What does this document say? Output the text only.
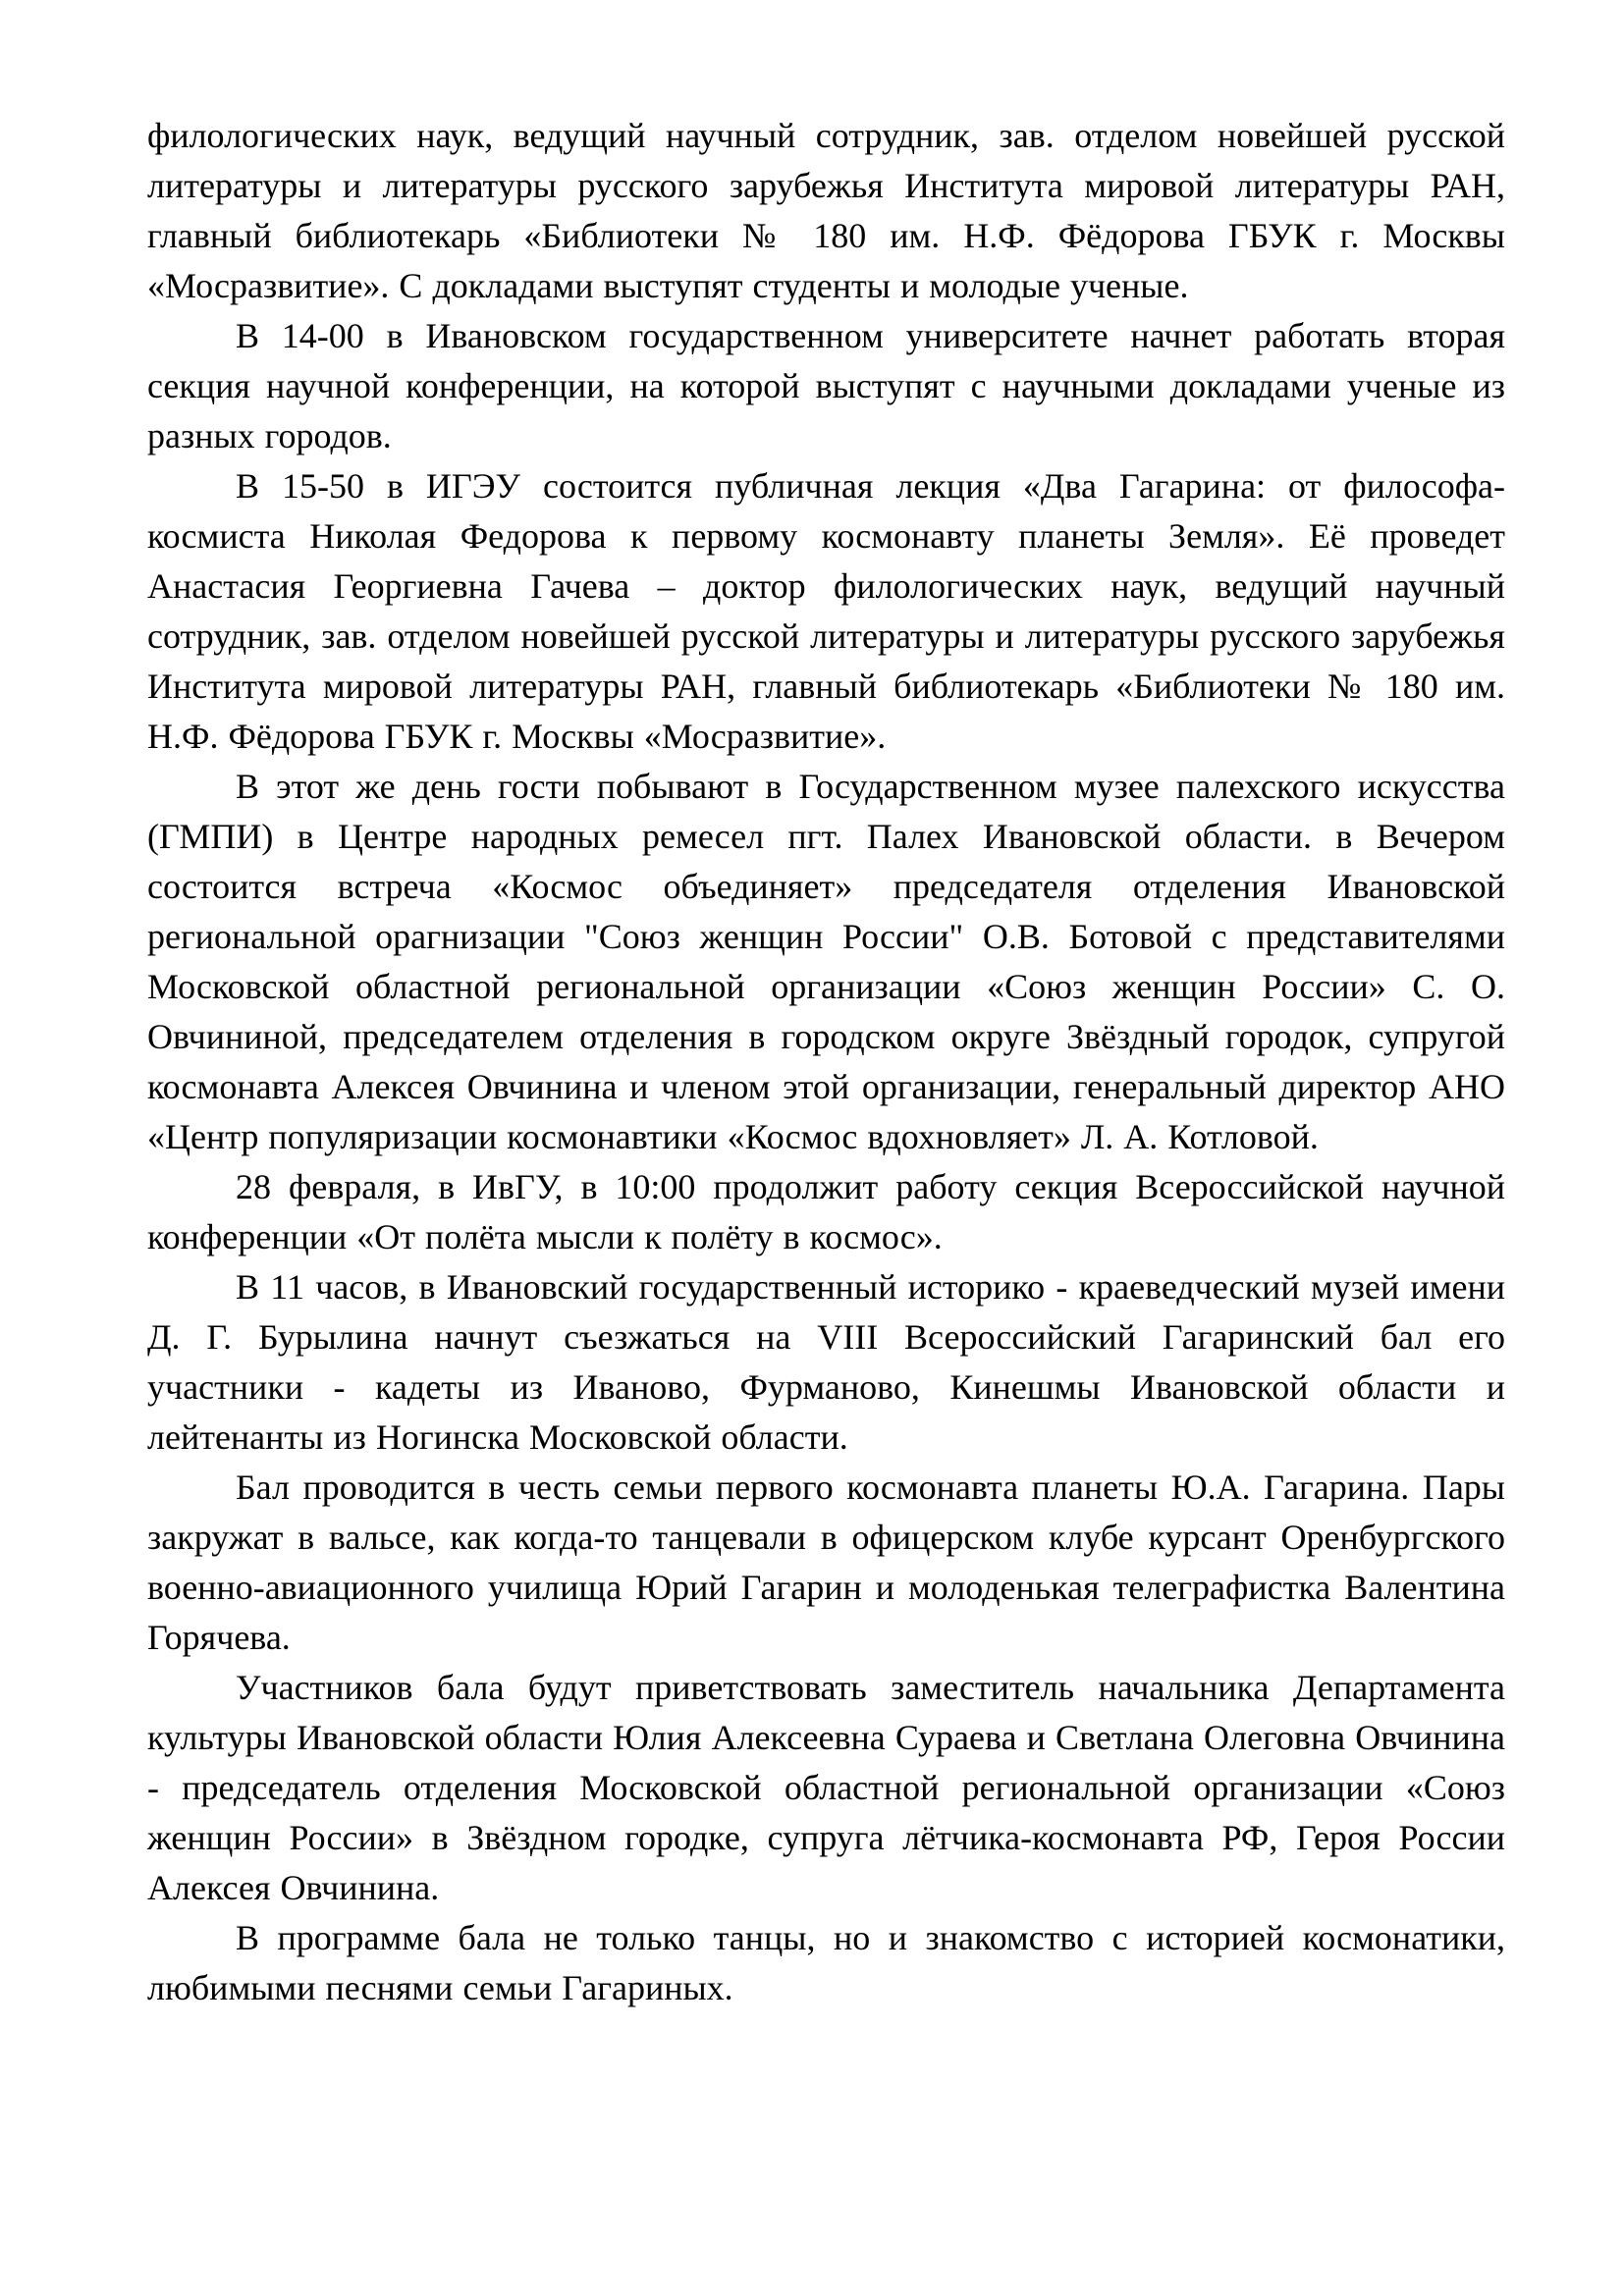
филологических наук, ведущий научный сотрудник, зав. отделом новейшей русской литературы и литературы русского зарубежья Института мировой литературы РАН, главный библиотекарь «Библиотеки № 180 им. Н.Ф. Фёдорова ГБУК г. Москвы «Мосразвитие». С докладами выступят студенты и молодые ученые.

В 14-00 в Ивановском государственном университете начнет работать вторая секция научной конференции, на которой выступят с научными докладами ученые из разных городов.

В 15-50 в ИГЭУ состоится публичная лекция «Два Гагарина: от философа-космиста Николая Федорова к первому космонавту планеты Земля». Её проведет Анастасия Георгиевна Гачева – доктор филологических наук, ведущий научный сотрудник, зав. отделом новейшей русской литературы и литературы русского зарубежья Института мировой литературы РАН, главный библиотекарь «Библиотеки № 180 им. Н.Ф. Фёдорова ГБУК г. Москвы «Мосразвитие».

В этот же день гости побывают в Государственном музее палехского искусства (ГМПИ) в Центре народных ремесел пгт. Палех Ивановской области. в Вечером состоится встреча «Космос объединяет» председателя отделения Ивановской региональной орагнизации "Союз женщин России" О.В. Ботовой с представителями Московской областной региональной организации «Союз женщин России» С. О. Овчининой, председателем отделения в городском округе Звёздный городок, супругой космонавта Алексея Овчинина и членом этой организации, генеральный директор АНО «Центр популяризации космонавтики «Космос вдохновляет» Л. А. Котловой.

28 февраля, в ИвГУ, в 10:00 продолжит работу секция Всероссийской научной конференции «От полёта мысли к полёту в космос».

В 11 часов, в Ивановский государственный историко - краеведческий музей имени Д. Г. Бурылина начнут съезжаться на VIII Всероссийский Гагаринский бал его участники - кадеты из Иваново, Фурманово, Кинешмы Ивановской области и лейтенанты из Ногинска Московской области.

Бал проводится в честь семьи первого космонавта планеты Ю.А. Гагарина. Пары закружат в вальсе, как когда-то танцевали в офицерском клубе курсант Оренбургского военно-авиационного училища Юрий Гагарин и молоденькая телеграфистка Валентина Горячева.

Участников бала будут приветствовать заместитель начальника Департамента культуры Ивановской области Юлия Алексеевна Сураева и Светлана Олеговна Овчинина - председатель отделения Московской областной региональной организации «Союз женщин России» в Звёздном городке, супруга лётчика-космонавта РФ, Героя России Алексея Овчинина.

В программе бала не только танцы, но и знакомство с историей космонатики, любимыми песнями семьи Гагариных.
